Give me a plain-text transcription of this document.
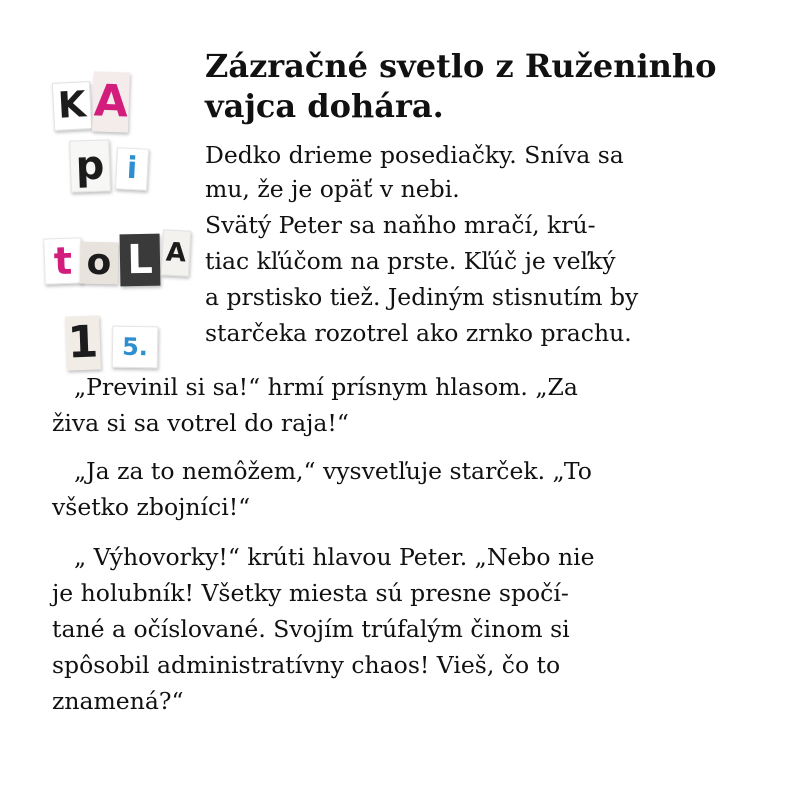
K A
p i
t o L A
1 5.
Zázračné svetlo z Ruženinho
vajca dohára.

Dedko drieme posediačky. Sníva sa

mu, že je opäť v nebi.

Svätý Peter sa naňho mračí, krú-

tiac kľúčom na prste. Kľúč je veľký

a prstisko tiež. Jediným stisnutím by

starčeka rozotrel ako zrnko prachu.

„Previnil si sa!“ hrmí prísnym hlasom. „Za

živa si sa votrel do raja!“

„Ja za to nemôžem,“ vysvetľuje starček. „To

všetko zbojníci!“

„ Výhovorky!“ krúti hlavou Peter. „Nebo nie

je holubník! Všetky miesta sú presne spočí-

tané a očíslované. Svojím trúfalým činom si

spôsobil administratívny chaos! Vieš, čo to

znamená?“
